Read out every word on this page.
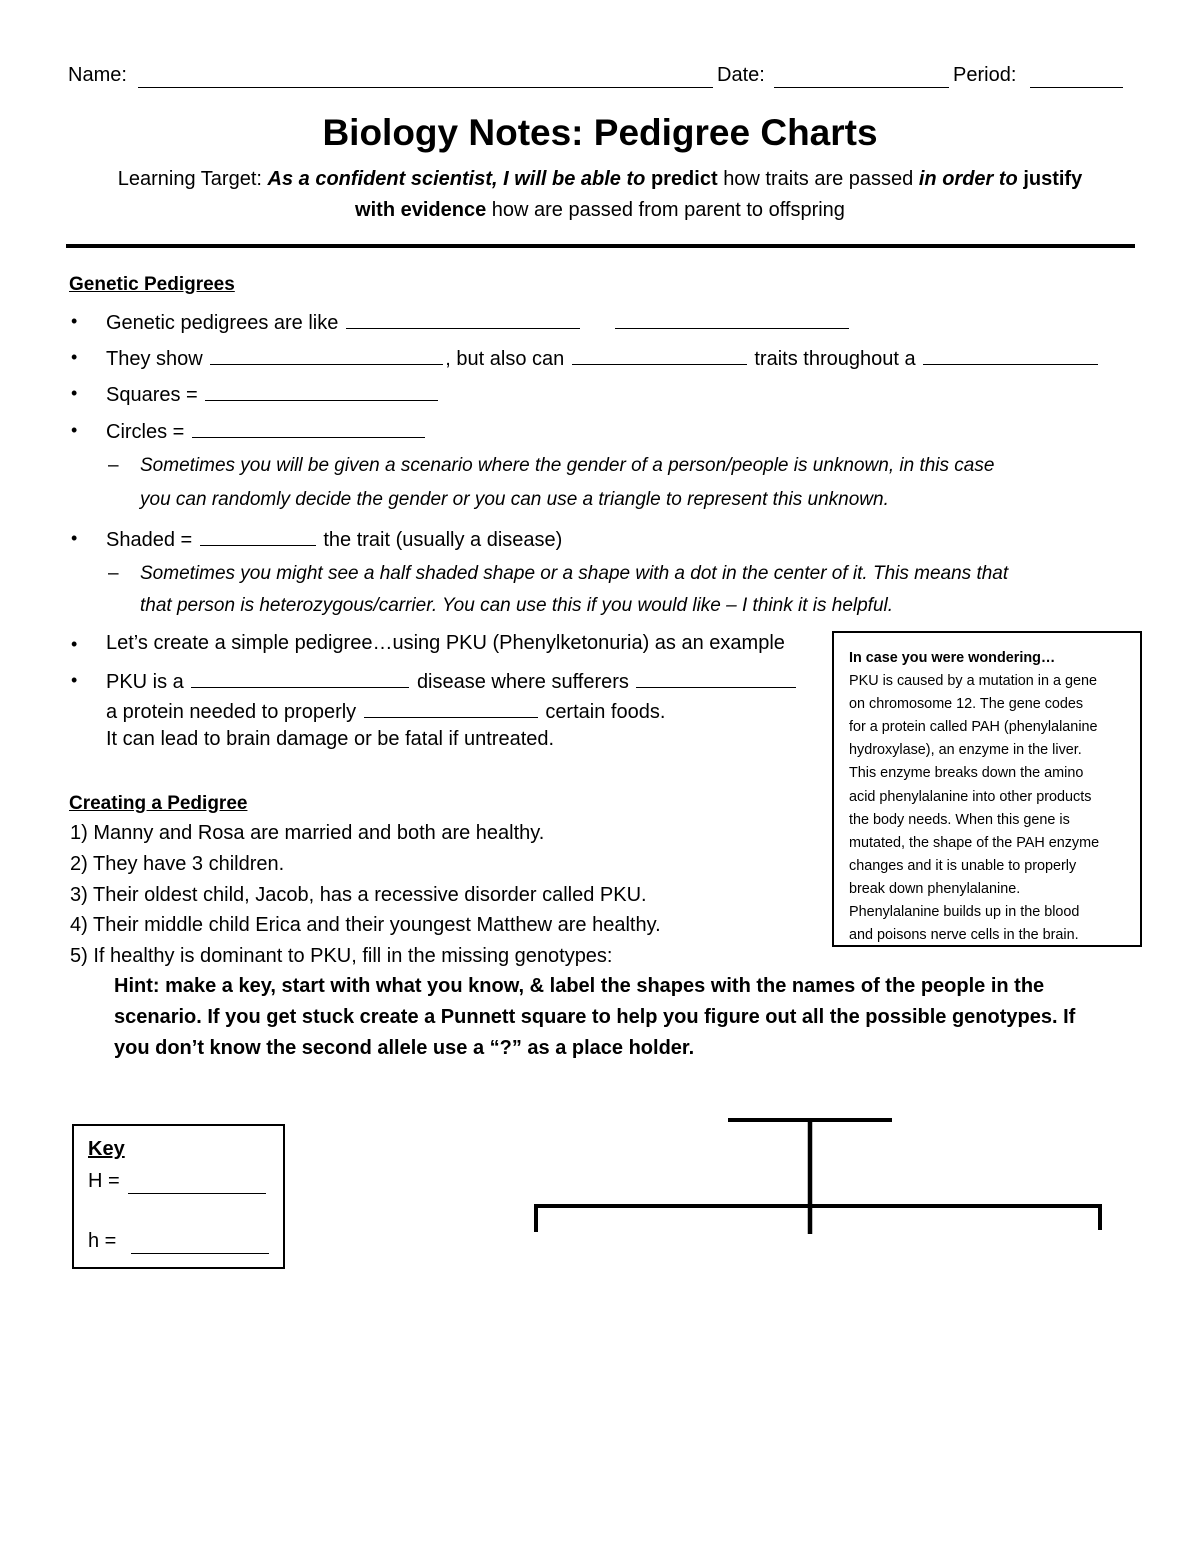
Name:	Date:	Period:
Biology Notes: Pedigree Charts
Learning Target: As a confident scientist, I will be able to predict how traits are passed in order to justify
with evidence how are passed from parent to offspring
Genetic Pedigrees
• Genetic pedigrees are like
• They show	, but also can	traits throughout a
• Squares =
• Circles =
– Sometimes you will be given a scenario where the gender of a person/people is unknown, in this case
you can randomly decide the gender or you can use a triangle to represent this unknown.
• Shaded =	the trait (usually a disease)
– Sometimes you might see a half shaded shape or a shape with a dot in the center of it. This means that
that person is heterozygous/carrier. You can use this if you would like – I think it is helpful.
• Let’s create a simple pedigree…using PKU (Phenylketonuria) as an example
• PKU is a	disease where sufferers
a protein needed to properly	certain foods.
It can lead to brain damage or be fatal if untreated.
In case you were wondering…
PKU is caused by a mutation in a gene
on chromosome 12. The gene codes
for a protein called PAH (phenylalanine
hydroxylase), an enzyme in the liver.
This enzyme breaks down the amino
acid phenylalanine into other products
the body needs. When this gene is
mutated, the shape of the PAH enzyme
changes and it is unable to properly
break down phenylalanine.
Phenylalanine builds up in the blood
and poisons nerve cells in the brain.
Creating a Pedigree
1) Manny and Rosa are married and both are healthy.
2) They have 3 children.
3) Their oldest child, Jacob, has a recessive disorder called PKU.
4) Their middle child Erica and their youngest Matthew are healthy.
5) If healthy is dominant to PKU, fill in the missing genotypes:
Hint: make a key, start with what you know, & label the shapes with the names of the people in the
scenario. If you get stuck create a Punnett square to help you figure out all the possible genotypes. If
you don’t know the second allele use a “?” as a place holder.
Key
H =
h =
